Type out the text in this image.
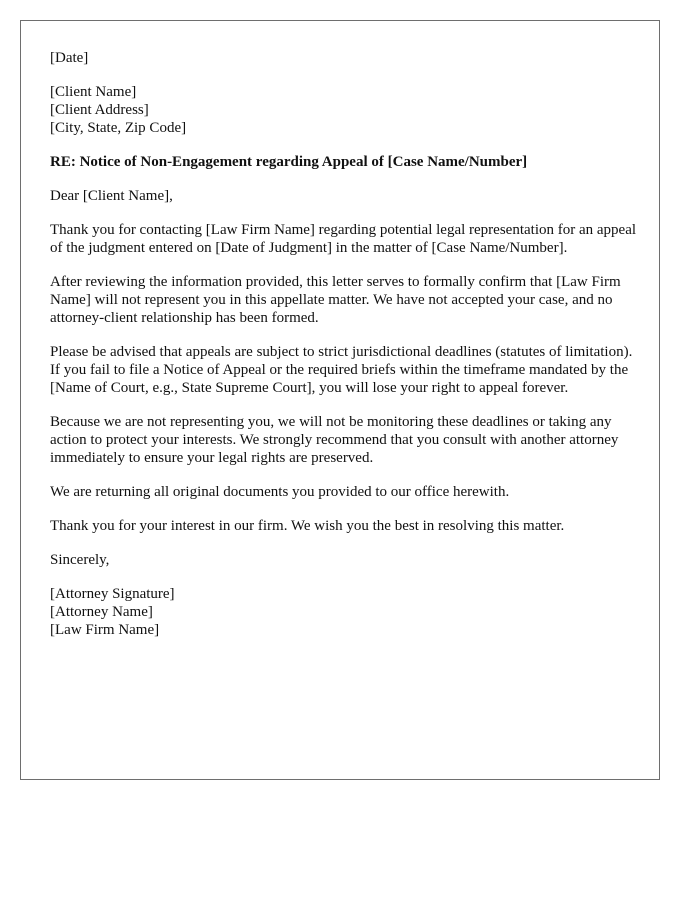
[Date]
[Client Name]
[Client Address]
[City, State, Zip Code]
RE: Notice of Non-Engagement regarding Appeal of [Case Name/Number]
Dear [Client Name],

Thank you for contacting [Law Firm Name] regarding potential legal representation for an appeal of the judgment entered on [Date of Judgment] in the matter of [Case Name/Number].

After reviewing the information provided, this letter serves to formally confirm that [Law Firm Name] will not represent you in this appellate matter. We have not accepted your case, and no attorney-client relationship has been formed.

Please be advised that appeals are subject to strict jurisdictional deadlines (statutes of limitation). If you fail to file a Notice of Appeal or the required briefs within the timeframe mandated by the [Name of Court, e.g., State Supreme Court], you will lose your right to appeal forever.

Because we are not representing you, we will not be monitoring these deadlines or taking any action to protect your interests. We strongly recommend that you consult with another attorney immediately to ensure your legal rights are preserved.

We are returning all original documents you provided to our office herewith.

Thank you for your interest in our firm. We wish you the best in resolving this matter.

Sincerely,
[Attorney Signature]
[Attorney Name]
[Law Firm Name]
